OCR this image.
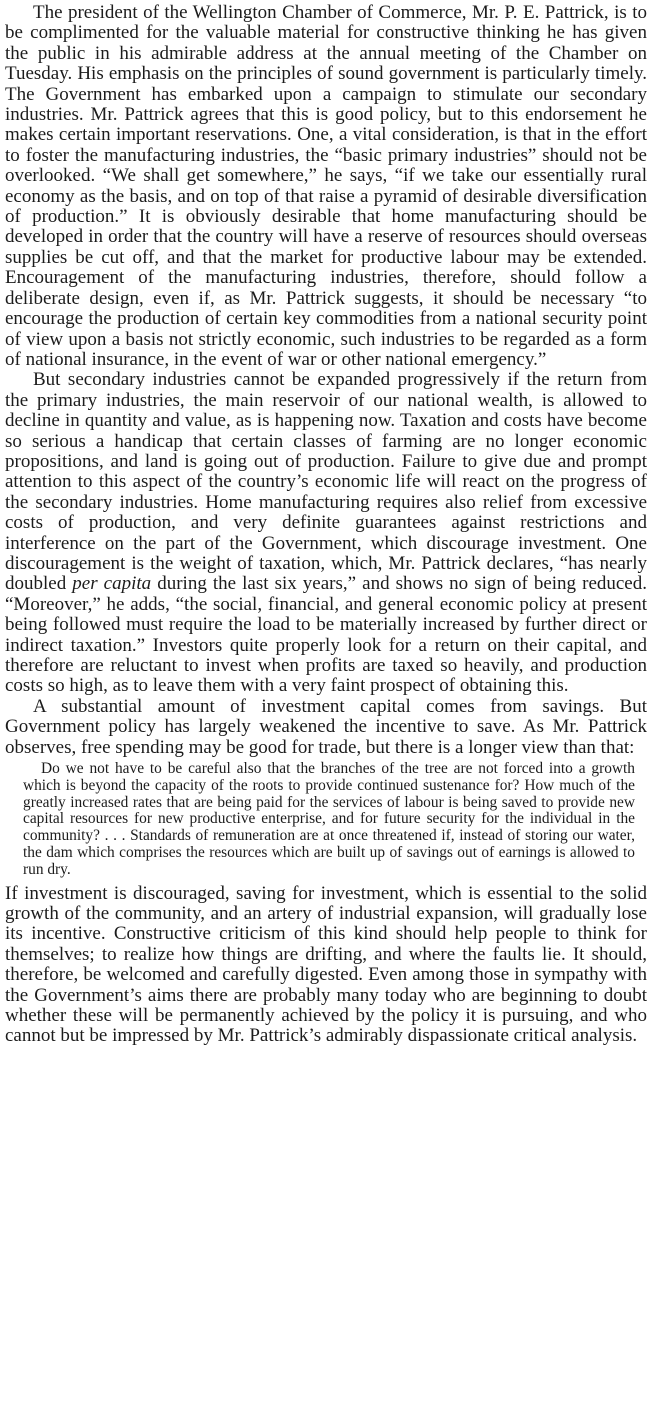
The president of the Wellington Chamber of Commerce, Mr. P. E. Pattrick, is to be complimented for the valuable material for constructive thinking he has given the public in his admirable address at the annual meeting of the Chamber on Tuesday. His emphasis on the principles of sound government is particularly timely. The Government has embarked upon a campaign to stimulate our secondary industries. Mr. Pattrick agrees that this is good policy, but to this endorsement he makes certain important reservations. One, a vital consideration, is that in the effort to foster the manufacturing industries, the “basic primary industries” should not be overlooked. “We shall get somewhere,” he says, “if we take our essentially rural economy as the basis, and on top of that raise a pyramid of desirable diversification of production.” It is obviously desirable that home manufacturing should be developed in order that the country will have a reserve of resources should overseas supplies be cut off, and that the market for productive labour may be extended. Encouragement of the manufacturing industries, therefore, should follow a deliberate design, even if, as Mr. Pattrick suggests, it should be necessary “to encourage the production of certain key commodities from a national security point of view upon a basis not strictly economic, such industries to be regarded as a form of national insurance, in the event of war or other national emergency.”

But secondary industries cannot be expanded progressively if the return from the primary industries, the main reservoir of our national wealth, is allowed to decline in quantity and value, as is happening now. Taxation and costs have become so serious a handicap that certain classes of farming are no longer economic propositions, and land is going out of production. Failure to give due and prompt attention to this aspect of the country’s economic life will react on the progress of the secondary industries. Home manufacturing requires also relief from excessive costs of production, and very definite guarantees against restrictions and interference on the part of the Government, which discourage investment. One discouragement is the weight of taxation, which, Mr. Pattrick declares, “has nearly doubled per capita during the last six years,” and shows no sign of being reduced. “Moreover,” he adds, “the social, financial, and general economic policy at present being followed must require the load to be materially increased by further direct or indirect taxation.” Investors quite properly look for a return on their capital, and therefore are reluctant to invest when profits are taxed so heavily, and production costs so high, as to leave them with a very faint prospect of obtaining this.

A substantial amount of investment capital comes from savings. But Government policy has largely weakened the incentive to save. As Mr. Pattrick observes, free spending may be good for trade, but there is a longer view than that:

Do we not have to be careful also that the branches of the tree are not forced into a growth which is beyond the capacity of the roots to provide continued sustenance for? How much of the greatly increased rates that are being paid for the services of labour is being saved to provide new capital resources for new productive enterprise, and for future security for the individual in the community? . . . Standards of remuneration are at once threatened if, instead of storing our water, the dam which comprises the resources which are built up of savings out of earnings is allowed to run dry.

If investment is discouraged, saving for investment, which is essential to the solid growth of the community, and an artery of industrial expansion, will gradually lose its incentive. Constructive criticism of this kind should help people to think for themselves; to realize how things are drifting, and where the faults lie. It should, therefore, be welcomed and carefully digested. Even among those in sympathy with the Government’s aims there are probably many today who are beginning to doubt whether these will be permanently achieved by the policy it is pursuing, and who cannot but be impressed by Mr. Pattrick’s admirably dispassionate critical analysis.
